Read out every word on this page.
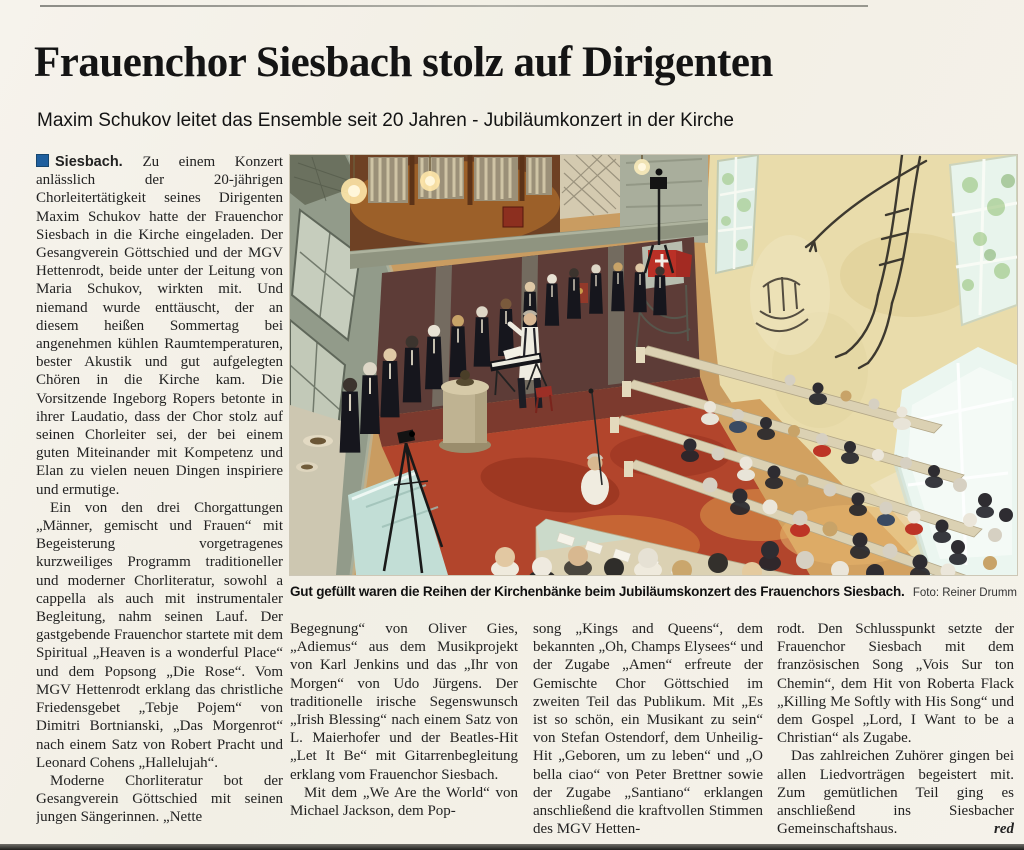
Frauenchor Siesbach stolz auf Dirigenten
Maxim Schukov leitet das Ensemble seit 20 Jahren - Jubiläumkonzert in der Kirche

Siesbach. Zu einem Konzert anlässlich der 20-jährigen Chorleitertätigkeit seines Dirigenten Maxim Schukov hatte der Frauenchor Siesbach in die Kirche eingeladen. Der Gesangverein Göttschied und der MGV Hettenrodt, beide unter der Leitung von Maria Schukov, wirkten mit. Und niemand wurde enttäuscht, der an diesem heißen Sommertag bei angenehmen kühlen Raumtemperaturen, bester Akustik und gut aufgelegten Chören in die Kirche kam. Die Vorsitzende Ingeborg Ropers betonte in ihrer Laudatio, dass der Chor stolz auf seinen Chorleiter sei, der bei einem guten Miteinander mit Kompetenz und Elan zu vielen neuen Dingen inspiriere und ermutige.

Ein von den drei Chorgattungen „Männer, gemischt und Frauen“ mit Begeisterung vorgetragenes kurzweiliges Programm traditioneller und moderner Chorliteratur, sowohl a cappella als auch mit instrumentaler Begleitung, nahm seinen Lauf. Der gastgebende Frauenchor startete mit dem Spiritual „Heaven is a wonderful Place“ und dem Popsong „Die Rose“. Vom MGV Hettenrodt erklang das christliche Friedensgebet „Tebje Pojem“ von Dimitri Bortnianski, „Das Morgenrot“ nach einem Satz von Robert Pracht und Leonard Cohens „Hallelujah“.

Moderne Chorliteratur bot der Gesangverein Göttschied mit seinen jungen Sängerinnen. „Nette

Gut gefüllt waren die Reihen der Kirchenbänke beim Jubiläumskonzert des Frauenchors Siesbach. Foto: Reiner Drumm

Begegnung“ von Oliver Gies, „Adiemus“ aus dem Musikprojekt von Karl Jenkins und das „Ihr von Morgen“ von Udo Jürgens. Der traditionelle irische Segenswunsch „Irish Blessing“ nach einem Satz von L. Maierhofer und der Beatles-Hit „Let It Be“ mit Gitarrenbegleitung erklang vom Frauenchor Siesbach.

Mit dem „We Are the World“ von Michael Jackson, dem Pop-

song „Kings and Queens“, dem bekannten „Oh, Champs Elysees“ und der Zugabe „Amen“ erfreute der Gemischte Chor Göttschied im zweiten Teil das Publikum. Mit „Es ist so schön, ein Musikant zu sein“ von Stefan Ostendorf, dem Unheilig-Hit „Geboren, um zu leben“ und „O bella ciao“ von Peter Brettner sowie der Zugabe „Santiano“ erklangen anschließend die kraftvollen Stimmen des MGV Hetten-

rodt. Den Schlusspunkt setzte der Frauenchor Siesbach mit dem französischen Song „Vois Sur ton Chemin“, dem Hit von Roberta Flack „Killing Me Softly with His Song“ und dem Gospel „Lord, I Want to be a Christian“ als Zugabe.

Das zahlreichen Zuhörer gingen bei allen Liedvorträgen begeistert mit. Zum gemütlichen Teil ging es anschließend ins Siesbacher Gemeinschaftshaus.	red
